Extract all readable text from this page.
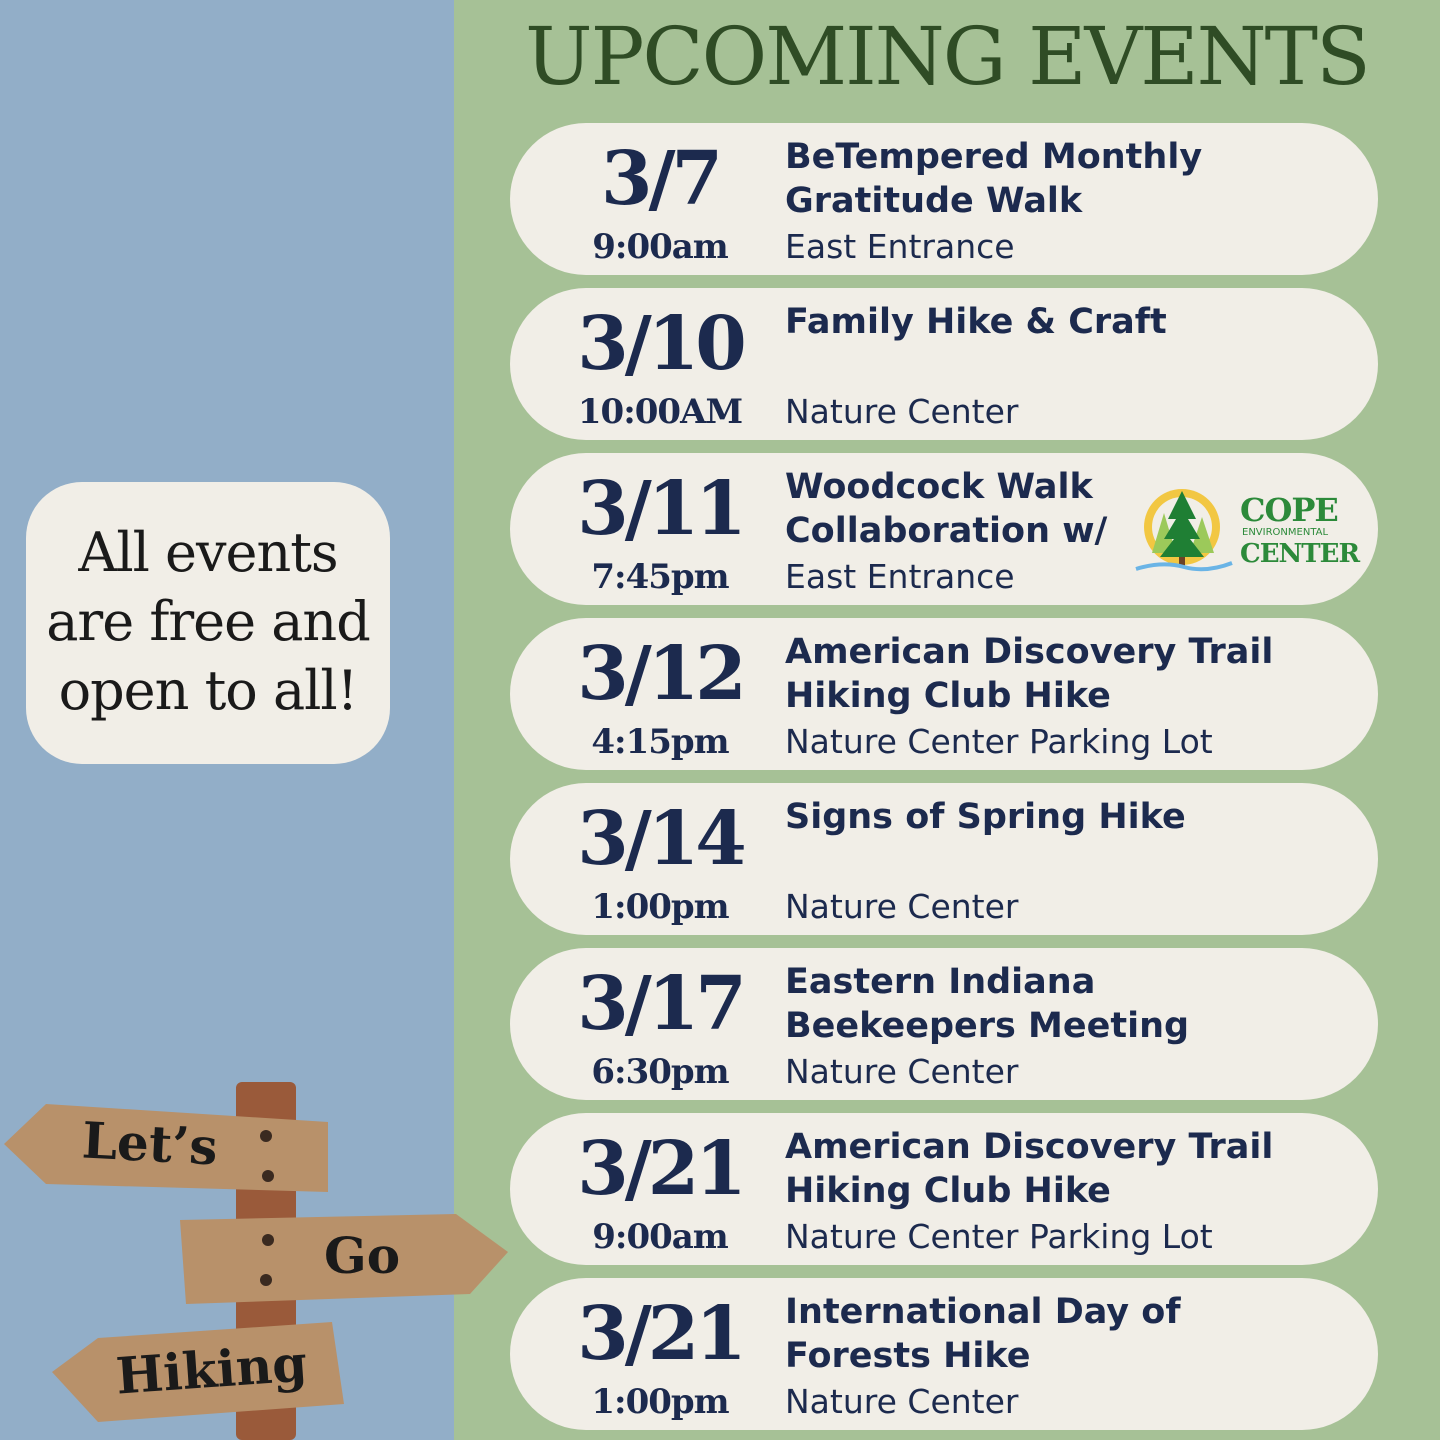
UPCOMING EVENTS
3/7
9:00am
BeTempered Monthly
Gratitude Walk
East Entrance
3/10
10:00AM
Family Hike & Craft
Nature Center
3/11
7:45pm
Woodcock Walk
Collaboration w/
East Entrance
COPE
ENVIRONMENTAL
CENTER
3/12
4:15pm
American Discovery Trail
Hiking Club Hike
Nature Center Parking Lot
3/14
1:00pm
Signs of Spring Hike
Nature Center
3/17
6:30pm
Eastern Indiana
Beekeepers Meeting
Nature Center
3/21
9:00am
American Discovery Trail
Hiking Club Hike
Nature Center Parking Lot
3/21
1:00pm
International Day of
Forests Hike
Nature Center
All events
are free and
open to all!
Let’s
Go
Hiking
